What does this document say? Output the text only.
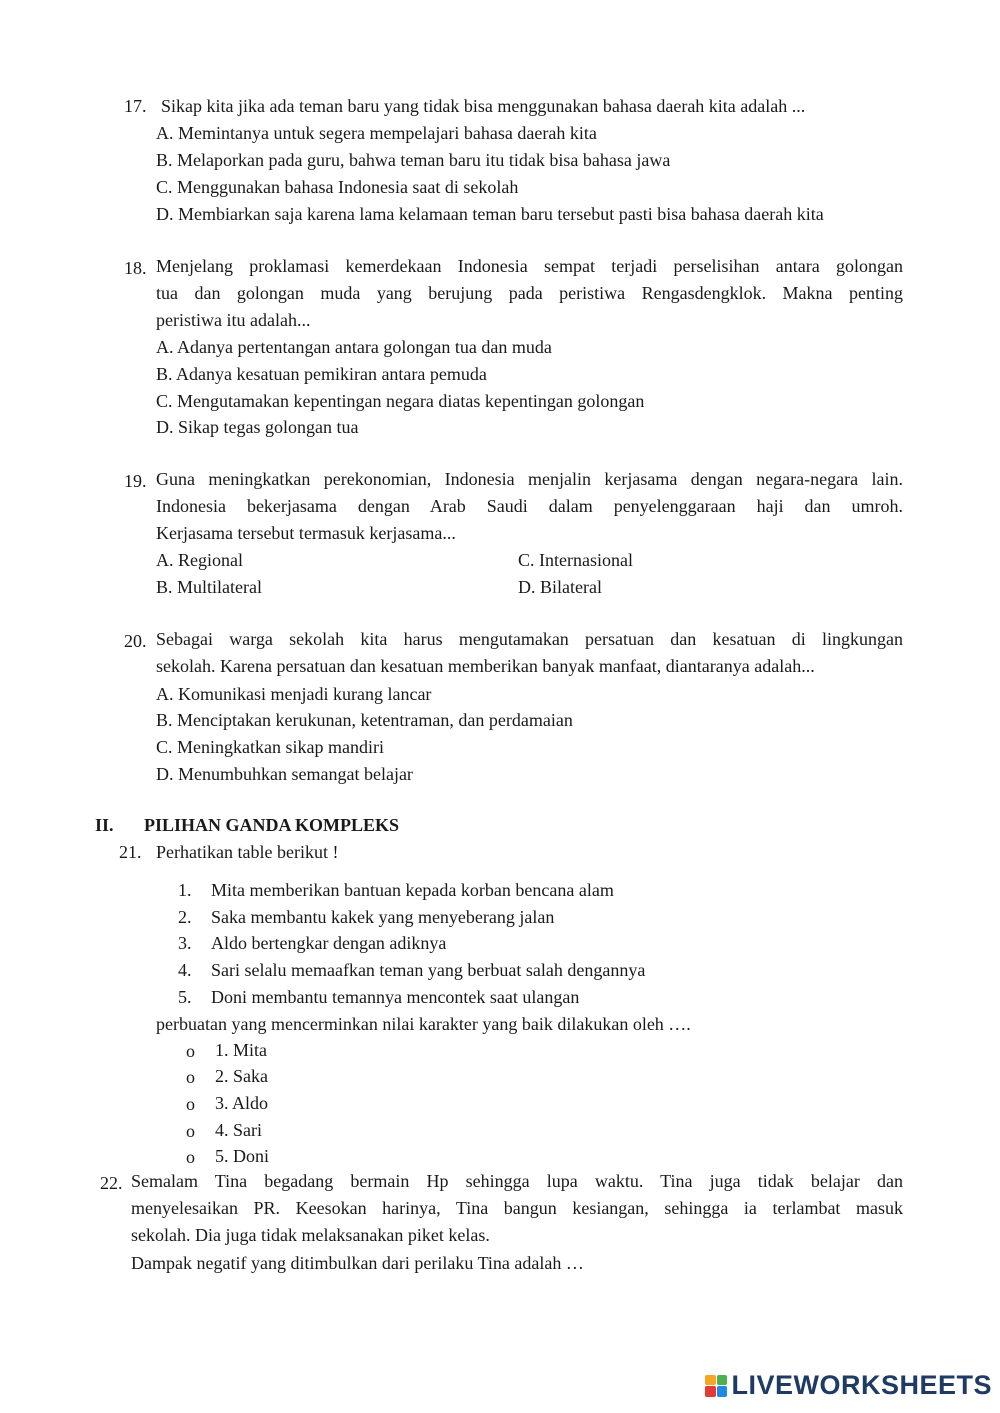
17. Sikap kita jika ada teman baru yang tidak bisa menggunakan bahasa daerah kita adalah ...
A. Memintanya untuk segera mempelajari bahasa daerah kita
B. Melaporkan pada guru, bahwa teman baru itu tidak bisa bahasa jawa
C. Menggunakan bahasa Indonesia saat di sekolah
D. Membiarkan saja karena lama kelamaan teman baru tersebut pasti bisa bahasa daerah kita
18. Menjelang proklamasi kemerdekaan Indonesia sempat terjadi perselisihan antara golongan
tua dan golongan muda yang berujung pada peristiwa Rengasdengklok. Makna penting
peristiwa itu adalah...
A. Adanya pertentangan antara golongan tua dan muda
B. Adanya kesatuan pemikiran antara pemuda
C. Mengutamakan kepentingan negara diatas kepentingan golongan
D. Sikap tegas golongan tua
19. Guna meningkatkan perekonomian, Indonesia menjalin kerjasama dengan negara-negara lain.
Indonesia bekerjasama dengan Arab Saudi dalam penyelenggaraan haji dan umroh.
Kerjasama tersebut termasuk kerjasama...
A. Regional	C. Internasional
B. Multilateral	D. Bilateral
20. Sebagai warga sekolah kita harus mengutamakan persatuan dan kesatuan di lingkungan
sekolah. Karena persatuan dan kesatuan memberikan banyak manfaat, diantaranya adalah...
A. Komunikasi menjadi kurang lancar
B. Menciptakan kerukunan, ketentraman, dan perdamaian
C. Meningkatkan sikap mandiri
D. Menumbuhkan semangat belajar
II. PILIHAN GANDA KOMPLEKS
21. Perhatikan table berikut !
1. Mita memberikan bantuan kepada korban bencana alam
2. Saka membantu kakek yang menyeberang jalan
3. Aldo bertengkar dengan adiknya
4. Sari selalu memaafkan teman yang berbuat salah dengannya
5. Doni membantu temannya mencontek saat ulangan
perbuatan yang mencerminkan nilai karakter yang baik dilakukan oleh ….
o 1. Mita
o 2. Saka
o 3. Aldo
o 4. Sari
o 5. Doni
22. Semalam Tina begadang bermain Hp sehingga lupa waktu. Tina juga tidak belajar dan
menyelesaikan PR. Keesokan harinya, Tina bangun kesiangan, sehingga ia terlambat masuk
sekolah. Dia juga tidak melaksanakan piket kelas.
Dampak negatif yang ditimbulkan dari perilaku Tina adalah …
LIVEWORKSHEETS
